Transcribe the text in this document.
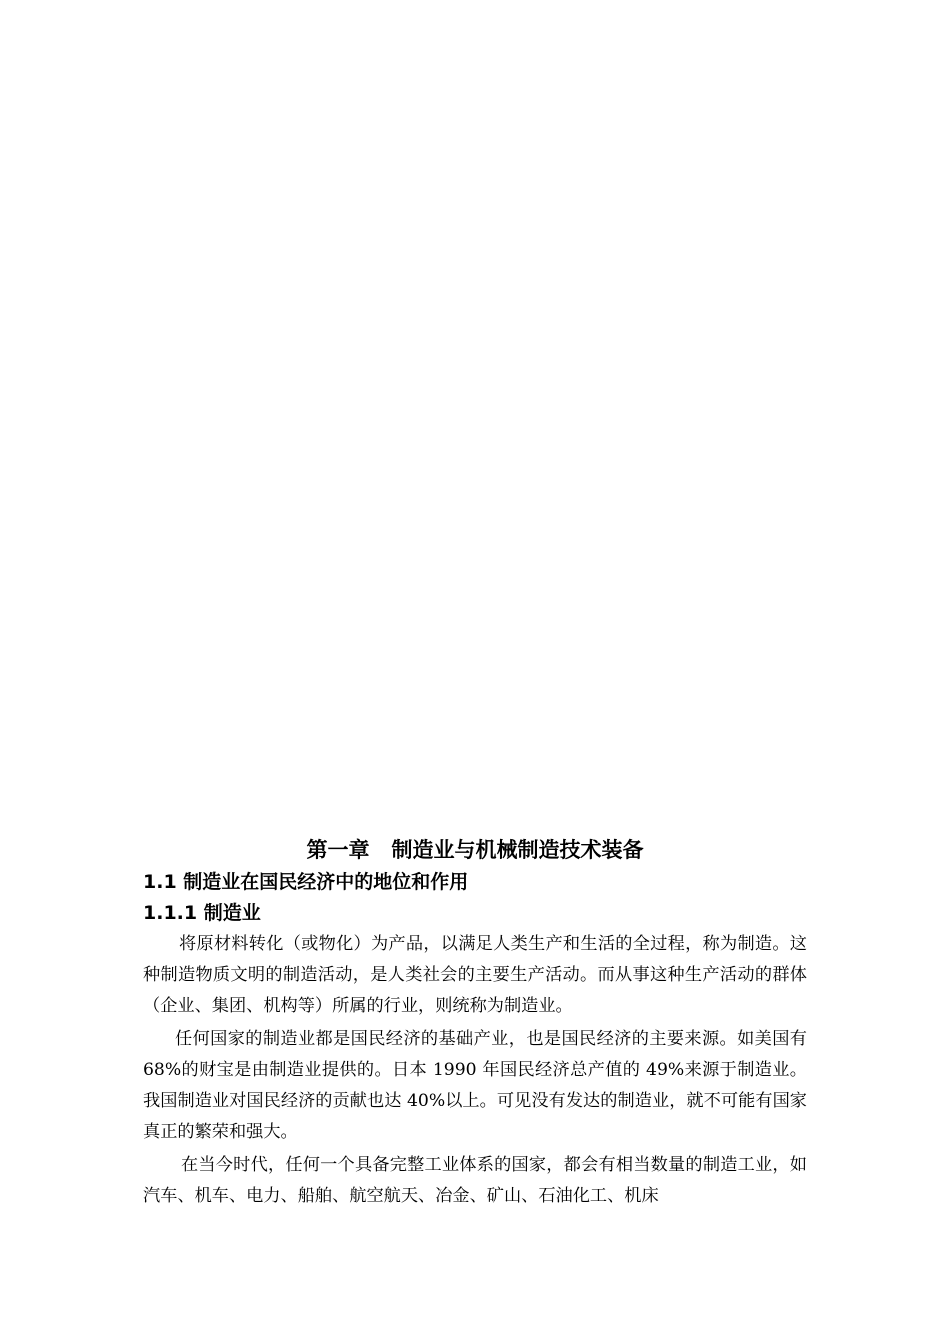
第一章 制造业与机械制造技术装备
1.1 制造业在国民经济中的地位和作用
1.1.1 制造业

将原材料转化（或物化）为产品，以满足人类生产和生活的全过程，称为制造。这种制造物质文明的制造活动，是人类社会的主要生产活动。而从事这种生产活动的群体（企业、集团、机构等）所属的行业，则统称为制造业。

任何国家的制造业都是国民经济的基础产业，也是国民经济的主要来源。如美国有 68%的财宝是由制造业提供的。日本 1990 年国民经济总产值的 49%来源于制造业。我国制造业对国民经济的贡献也达 40%以上。可见没有发达的制造业，就不可能有国家真正的繁荣和强大。

在当今时代，任何一个具备完整工业体系的国家，都会有相当数量的制造工业，如汽车、机车、电力、船舶、航空航天、冶金、矿山、石油化工、机床
